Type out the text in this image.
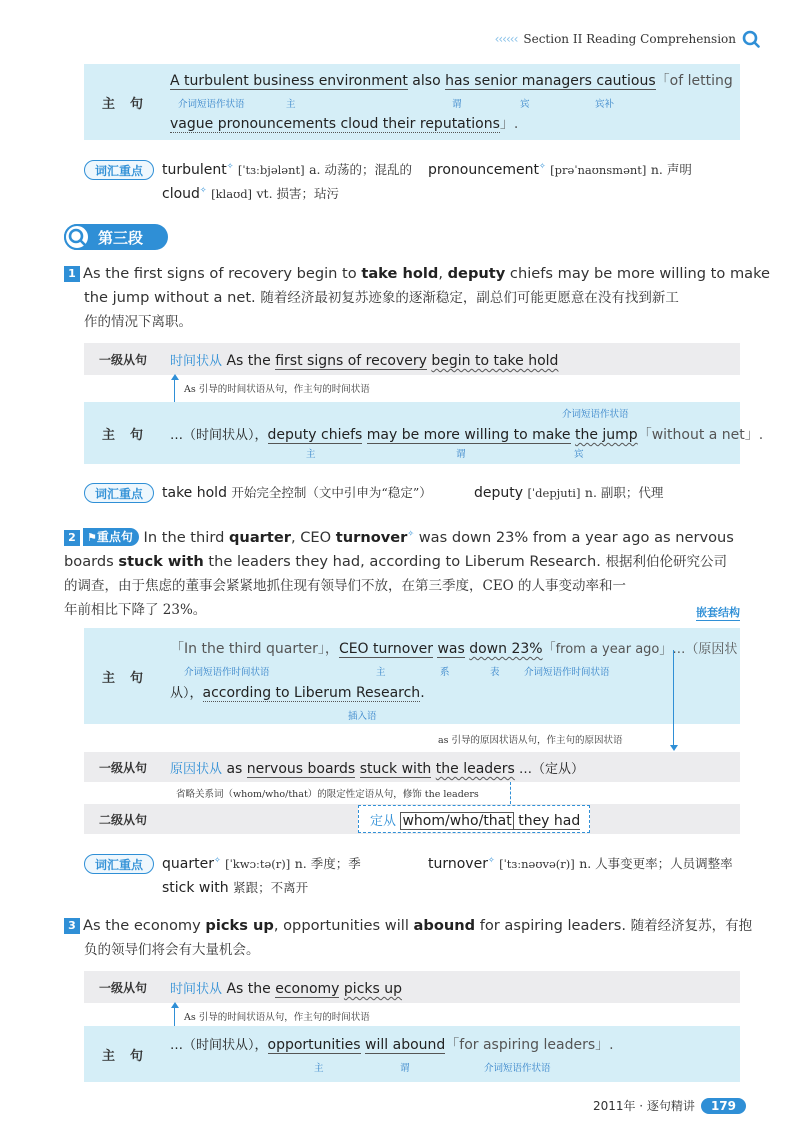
‹‹‹‹‹‹ Section II Reading Comprehension
主　句
A turbulent business environment also has senior managers cautious「of letting
介词短语作状语	主	谓	宾	宾补
vague pronouncements cloud their reputations」.
词汇重点	turbulent✧ [ˈtɜːbjələnt] a. 动荡的；混乱的 pronouncement✧ [prəˈnaʊnsmənt] n. 声明
cloud✧ [klaʊd] vt. 损害；玷污
第三段
1 As the first signs of recovery begin to take hold, deputy chiefs may be more willing to make
the jump without a net. 随着经济最初复苏迹象的逐渐稳定，副总们可能更愿意在没有找到新工
作的情况下离职。
一级从句	时间状从 As the first signs of recovery begin to take hold
As 引导的时间状语从句，作主句的时间状语
主　句
介词短语作状语
…（时间状从），deputy chiefs may be more willing to make the jump「without a net」.
主	谓	宾
词汇重点	take hold 开始完全控制（文中引申为“稳定”）	deputy [ˈdepjuti] n. 副职；代理
2 ⚑重点句 In the third quarter, CEO turnover✧ was down 23% from a year ago as nervous
boards stuck with the leaders they had, according to Liberum Research. 根据利伯伦研究公司
的调查，由于焦虑的董事会紧紧地抓住现有领导们不放，在第三季度，CEO 的人事变动率和一
年前相比下降了 23%。	嵌套结构
主　句
「In the third quarter」，CEO turnover was down 23%「from a year ago」…（原因状
介词短语作时间状语	主	系	表	介词短语作时间状语
从），according to Liberum Research.
插入语
as 引导的原因状语从句，作主句的原因状语
一级从句	原因状从 as nervous boards stuck with the leaders …（定从）
省略关系词（whom/who/that）的限定性定语从句，修饰 the leaders
二级从句	定从 whom/who/that they had
词汇重点	quarter✧ [ˈkwɔːtə(r)] n. 季度；季	turnover✧ [ˈtɜːnəʊvə(r)] n. 人事变更率；人员调整率
stick with 紧跟；不离开
3 As the economy picks up, opportunities will abound for aspiring leaders. 随着经济复苏，有抱
负的领导们将会有大量机会。
一级从句	时间状从 As the economy picks up
As 引导的时间状语从句，作主句的时间状语
主　句
…（时间状从），opportunities will abound「for aspiring leaders」.
主	谓	介词短语作状语
2011年 · 逐句精讲	179
